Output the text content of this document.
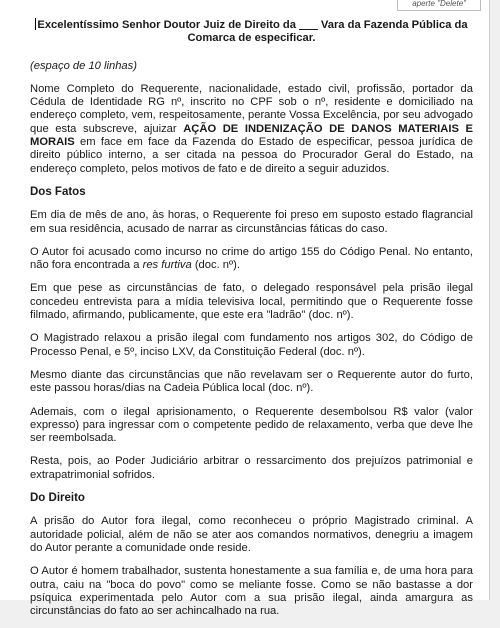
aperte "Delete"
Excelentíssimo Senhor Doutor Juiz de Direito da ___ Vara da Fazenda Pública da
Comarca de especificar.
(espaço de 10 linhas)

Nome Completo do Requerente, nacionalidade, estado civil, profissão, portador da Cédula de Identidade RG nº, inscrito no CPF sob o nº, residente e domiciliado na endereço completo, vem, respeitosamente, perante Vossa Excelência, por seu advogado que esta subscreve, ajuizar AÇÃO DE INDENIZAÇÃO DE DANOS MATERIAIS E MORAIS em face em face da Fazenda do Estado de especificar, pessoa jurídica de direito público interno, a ser citada na pessoa do Procurador Geral do Estado, na endereço completo, pelos motivos de fato e de direito a seguir aduzidos.

Dos Fatos

Em dia de mês de ano, às horas, o Requerente foi preso em suposto estado flagrancial em sua residência, acusado de narrar as circunstâncias fáticas do caso.

O Autor foi acusado como incurso no crime do artigo 155 do Código Penal. No entanto, não fora encontrada a res furtiva (doc. nº).

Em que pese as circunstâncias de fato, o delegado responsável pela prisão ilegal concedeu entrevista para a mídia televisiva local, permitindo que o Requerente fosse filmado, afirmando, publicamente, que este era "ladrão" (doc. nº).

O Magistrado relaxou a prisão ilegal com fundamento nos artigos 302, do Código de Processo Penal, e 5º, inciso LXV, da Constituição Federal (doc. nº).

Mesmo diante das circunstâncias que não revelavam ser o Requerente autor do furto, este passou horas/dias na Cadeia Pública local (doc. nº).

Ademais, com o ilegal aprisionamento, o Requerente desembolsou R$ valor (valor expresso) para ingressar com o competente pedido de relaxamento, verba que deve lhe ser reembolsada.

Resta, pois, ao Poder Judiciário arbitrar o ressarcimento dos prejuízos patrimonial e extrapatrimonial sofridos.

Do Direito

A prisão do Autor fora ilegal, como reconheceu o próprio Magistrado criminal. A autoridade policial, além de não se ater aos comandos normativos, denegriu a imagem do Autor perante a comunidade onde reside.

O Autor é homem trabalhador, sustenta honestamente a sua família e, de uma hora para outra, caiu na "boca do povo" como se meliante fosse. Como se não bastasse a dor psíquica experimentada pelo Autor com a sua prisão ilegal, ainda amargura as circunstâncias do fato ao ser achincalhado na rua.
